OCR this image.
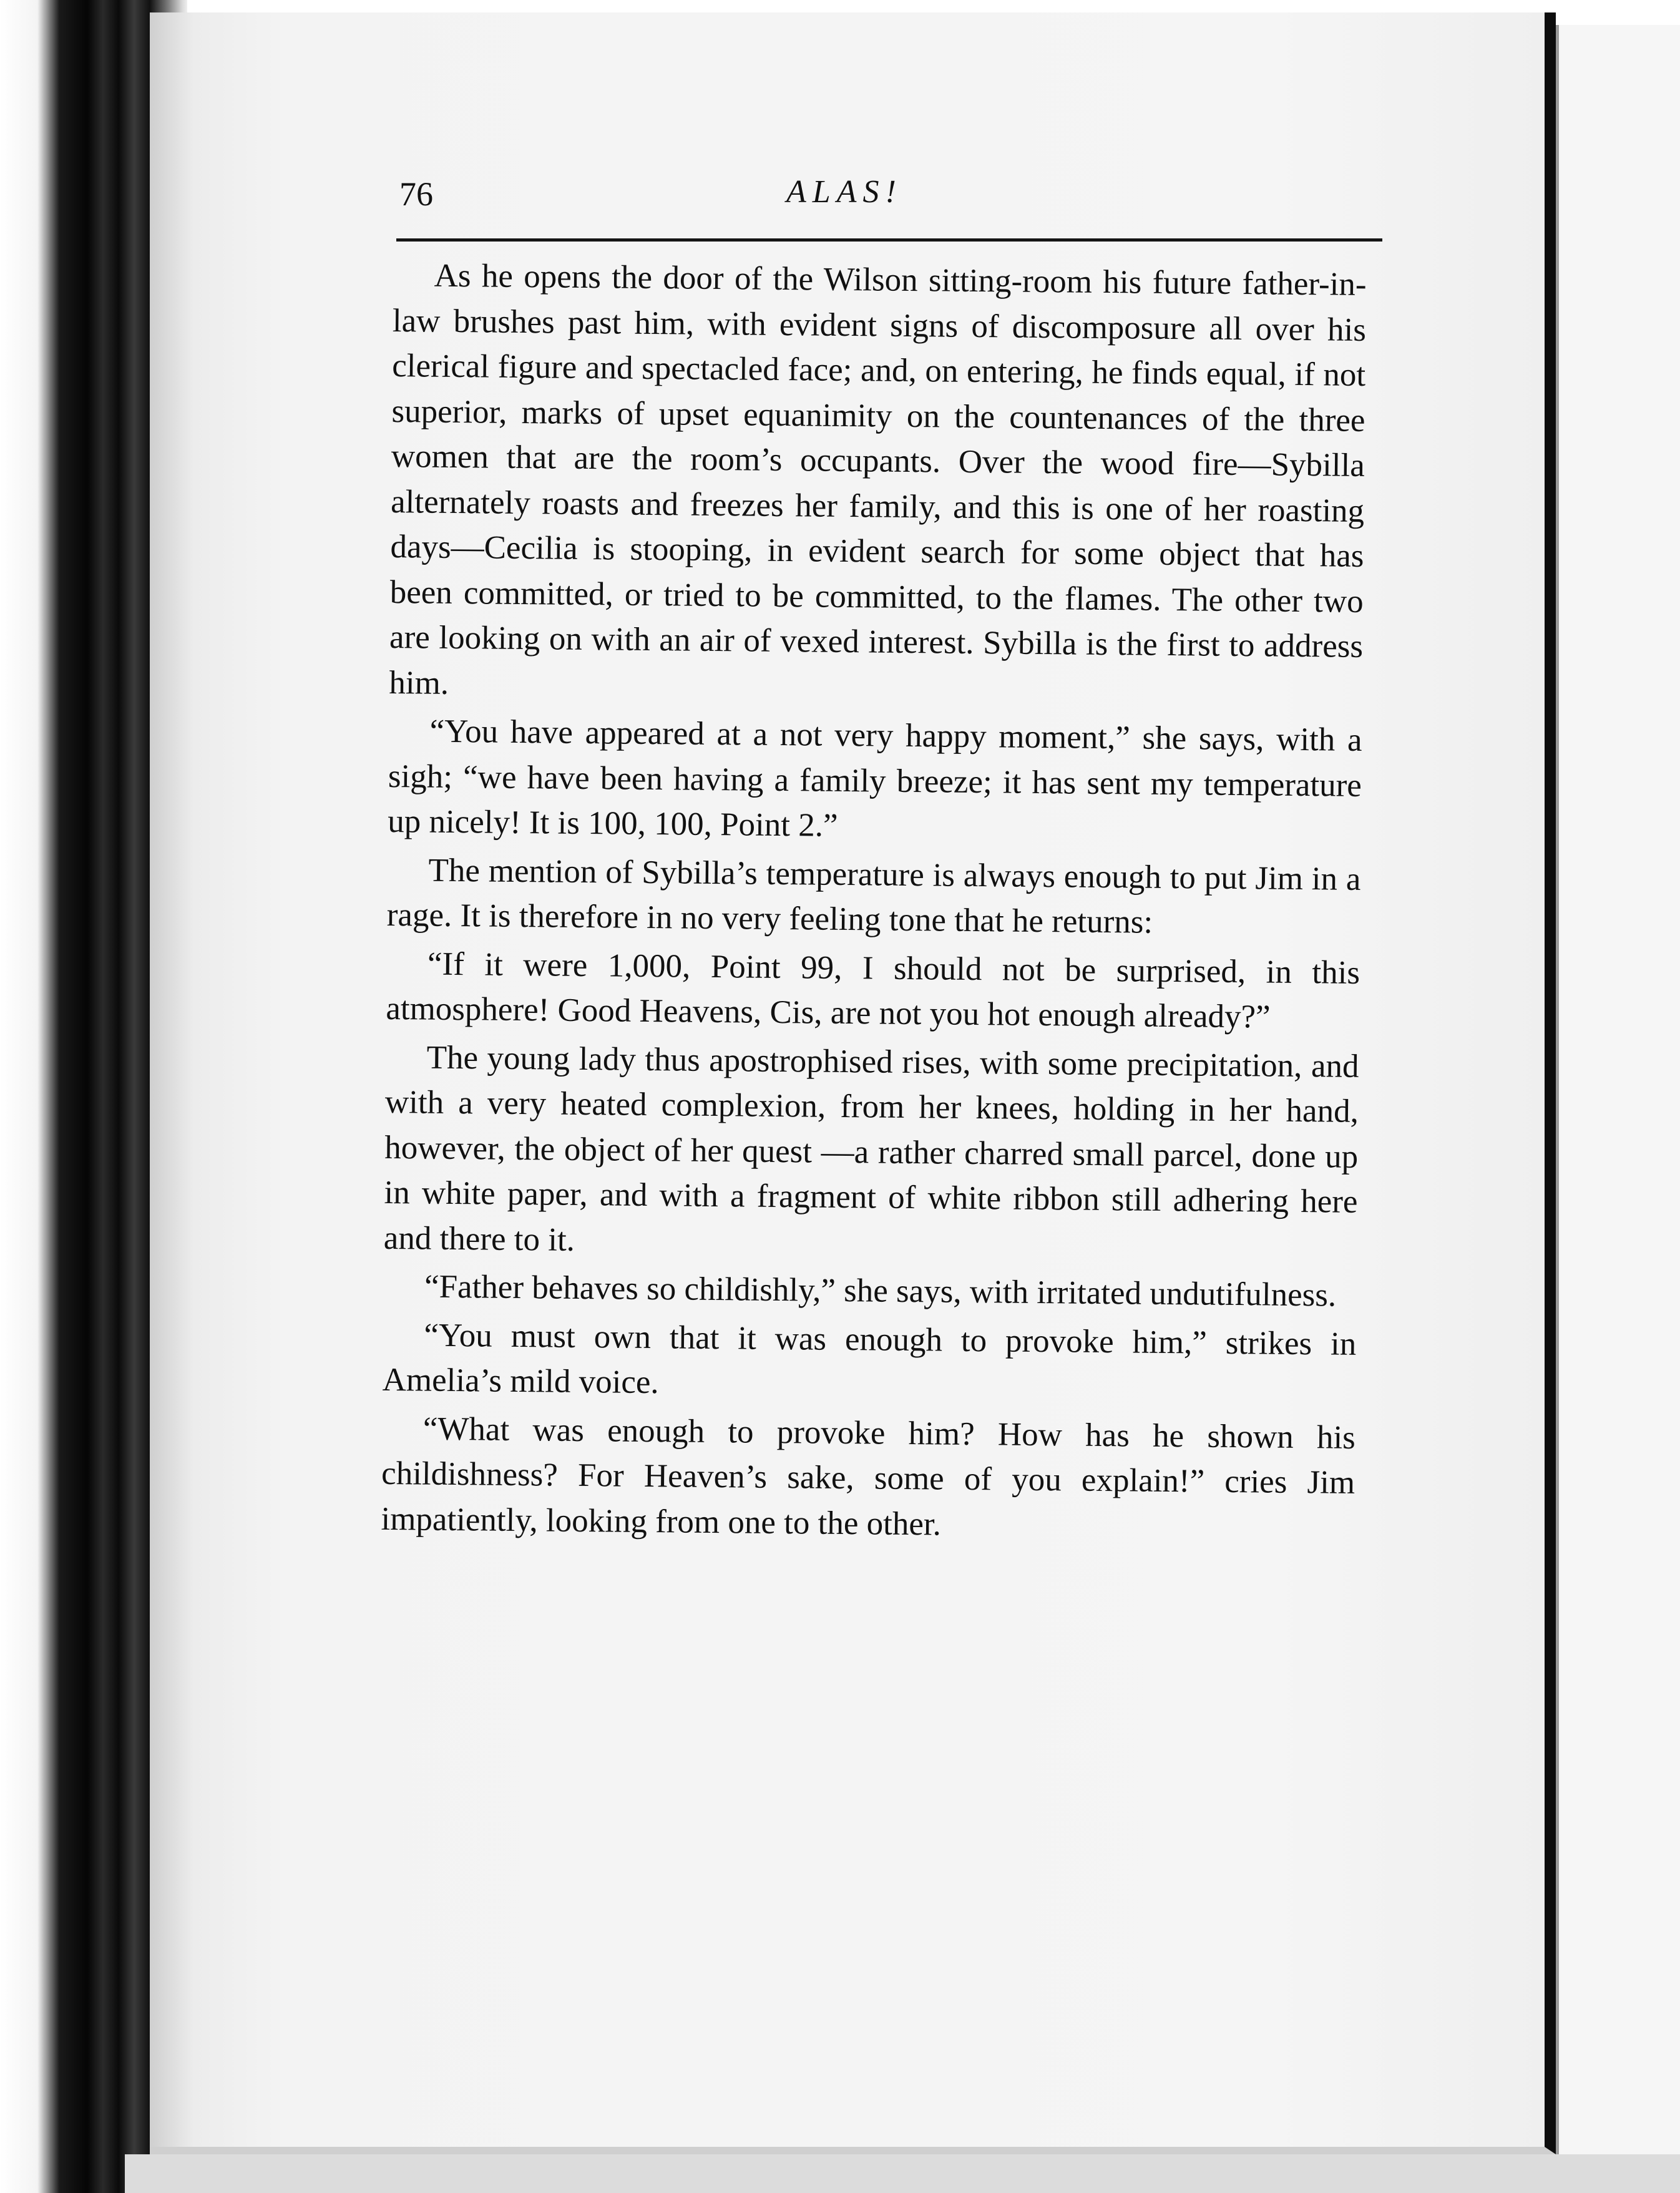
76	ALAS!

As he opens the door of the Wilson sitting-room his future father-in-law brushes past him, with evident signs of discomposure all over his clerical figure and spectacled face; and, on entering, he finds equal, if not superior, marks of upset equanimity on the countenances of the three women that are the room’s occupants. Over the wood fire—Sybilla alternately roasts and freezes her family, and this is one of her roasting days—Cecilia is stooping, in evident search for some object that has been committed, or tried to be committed, to the flames. The other two are looking on with an air of vexed interest. Sybilla is the first to address him.

“You have appeared at a not very happy moment,” she says, with a sigh; “we have been having a family breeze; it has sent my temperature up nicely! It is 100, 100, Point 2.”

The mention of Sybilla’s temperature is always enough to put Jim in a rage. It is therefore in no very feeling tone that he returns:

“If it were 1,000, Point 99, I should not be surprised, in this atmosphere! Good Heavens, Cis, are not you hot enough already?”

The young lady thus apostrophised rises, with some precipitation, and with a very heated complexion, from her knees, holding in her hand, however, the object of her quest —a rather charred small parcel, done up in white paper, and with a fragment of white ribbon still adhering here and there to it.

“Father behaves so childishly,” she says, with irritated undutifulness.

“You must own that it was enough to provoke him,” strikes in Amelia’s mild voice.

“What was enough to provoke him? How has he shown his childishness? For Heaven’s sake, some of you explain!” cries Jim impatiently, looking from one to the other.
